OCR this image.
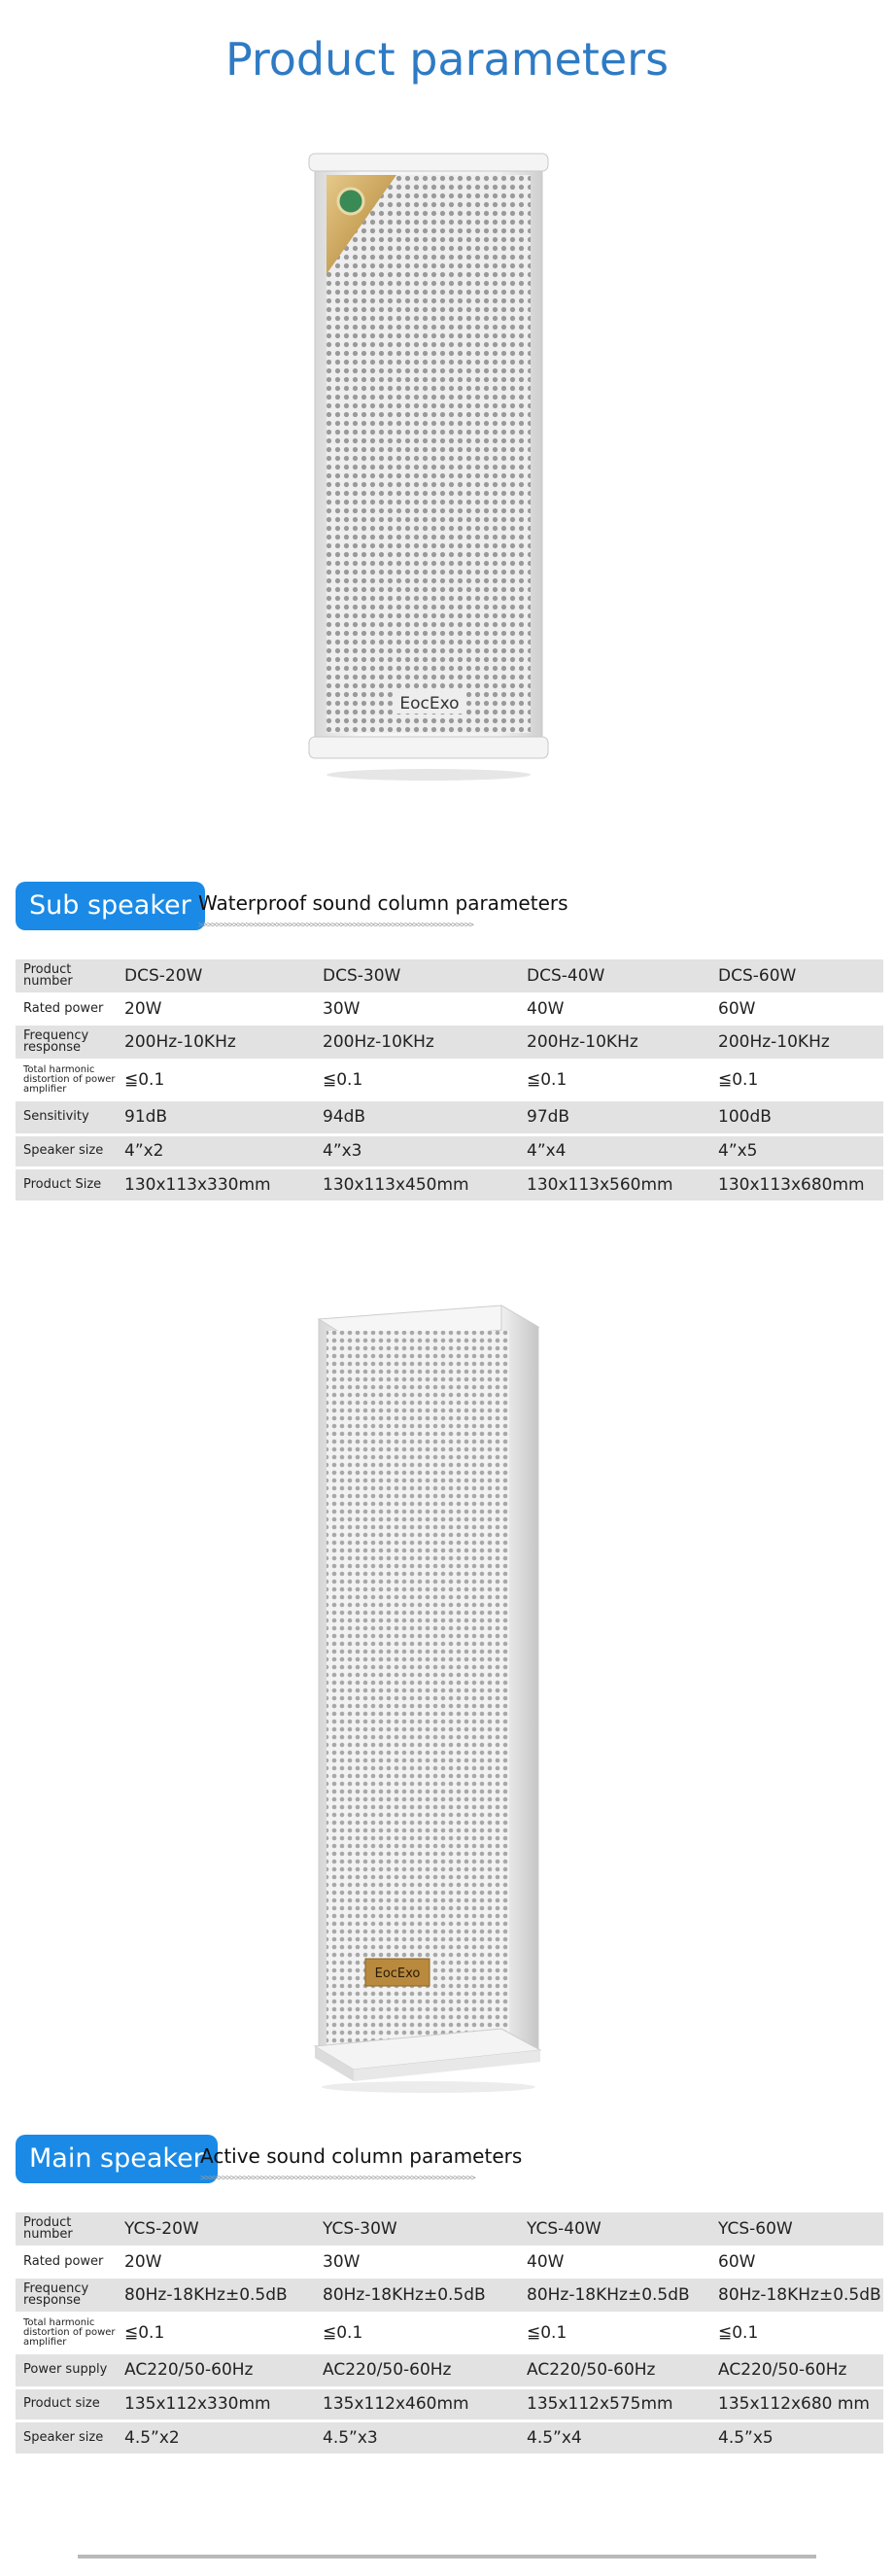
Product parameters
EocExo
Sub speaker Waterproof sound column parameters
>>>>>>>>>>>>>>>>>>>>>>>>>>>>>>>>>>>>>>>>>>>>>>>>>>>>>>>>>>>>>>>>
Product number	DCS-20W	DCS-30W	DCS-40W	DCS-60W
Rated power	20W	30W	40W	60W
Frequency response	200Hz-10KHz	200Hz-10KHz	200Hz-10KHz	200Hz-10KHz
Total harmonic distortion of power amplifier	≦0.1	≦0.1	≦0.1	≦0.1
Sensitivity	91dB	94dB	97dB	100dB
Speaker size	4”x2	4”x3	4”x4	4”x5
Product Size	130x113x330mm	130x113x450mm	130x113x560mm	130x113x680mm
EocExo
Main speaker
Active sound column parameters
>>>>>>>>>>>>>>>>>>>>>>>>>>>>>>>>>>>>>>>>>>>>>>>>>>>>>>>>>>>>>>>>
Product number	YCS-20W	YCS-30W	YCS-40W	YCS-60W
Rated power	20W	30W	40W	60W
Frequency response	80Hz-18KHz±0.5dB	80Hz-18KHz±0.5dB	80Hz-18KHz±0.5dB	80Hz-18KHz±0.5dB
Total harmonic distortion of power amplifier	≦0.1	≦0.1	≦0.1	≦0.1
Power supply	AC220/50-60Hz	AC220/50-60Hz	AC220/50-60Hz	AC220/50-60Hz
Product size	135x112x330mm	135x112x460mm	135x112x575mm	135x112x680 mm
Speaker size	4.5”x2	4.5”x3	4.5”x4	4.5”x5
